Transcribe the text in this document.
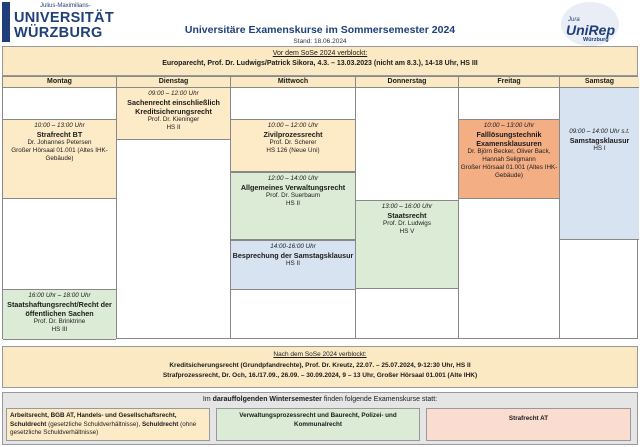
Julius-Maximilians-
UNIVERSITÄT
WÜRZBURG	Universitäre Examenskurse im Sommersemester 2024
Stand: 18.06.2024
Jura
UniRep
Würzburg
Vor dem SoSe 2024 verblockt:
Europarecht, Prof. Dr. Ludwigs/Patrick Sikora, 4.3. – 13.03.2023 (nicht am 8.3.), 14-18 Uhr, HS III
Montag
10:00 – 13:00 Uhr
Strafrecht BT
Dr. Johannes Petersen
Großer Hörsaal 01.001 (Altes IHK-Gebäude)
16:00 Uhr – 18:00 Uhr
Staatshaftungsrecht/Recht der öffentlichen Sachen
Prof. Dr. Brinktrine
HS III
Dienstag
09:00 – 12:00 Uhr
Sachenrecht einschließlich Kreditsicherungsrecht
Prof. Dr. Kieninger
HS II
Mittwoch
10:00 – 12:00 Uhr
Zivilprozessrecht
Prof. Dr. Scherer
HS 126 (Neue Uni)
12:00 – 14:00 Uhr
Allgemeines Verwaltungsrecht
Prof. Dr. Suerbaum
HS II
14:00-16:00 Uhr
Besprechung der Samstagsklausur
HS II
Donnerstag
13:00 – 16:00 Uhr
Staatsrecht
Prof. Dr. Ludwigs
HS V
Freitag
10:00 – 13:00 Uhr
Falllösungstechnik Examensklausuren
Dr. Björn Becker, Oliver Back, Hannah Seligmann
Großer Hörsaal 01.001 (Altes IHK-Gebäude)
Samstag
09:00 – 14:00 Uhr s.t.
Samstagsklausur
HS I
Nach dem SoSe 2024 verblockt:
Kreditsicherungsrecht (Grundpfandrechte), Prof. Dr. Kreutz, 22.07. – 25.07.2024, 9-12:30 Uhr, HS II
Strafprozessrecht, Dr. Och, 16./17.09., 26.09. – 30.09.2024, 9 – 13 Uhr, Großer Hörsaal 01.001 (Alte IHK)
Im darauffolgenden Wintersemester finden folgende Examenskurse statt:
Arbeitsrecht, BGB AT, Handels- und Gesellschaftsrecht, Schuldrecht (gesetzliche Schuldverhältnisse), Schuldrecht (ohne gesetzliche Schuldverhältnisse)
Verwaltungsprozessrecht und Baurecht, Polizei- und Kommunalrecht
Strafrecht AT
